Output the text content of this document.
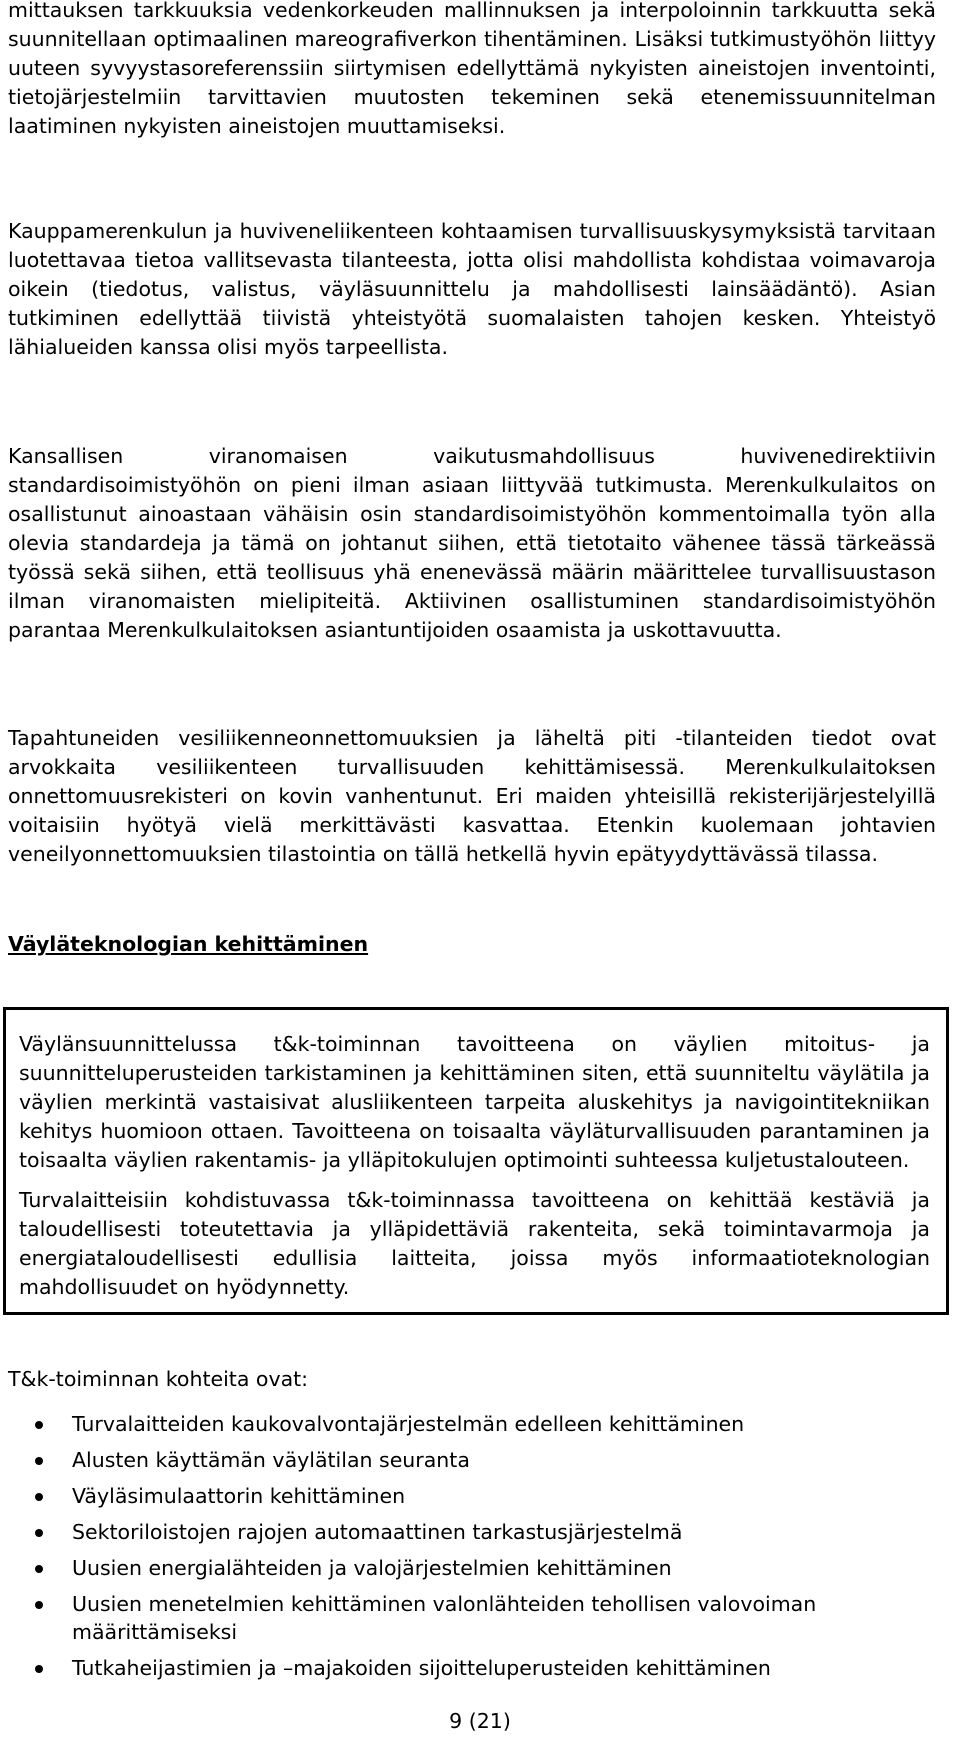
mittauksen tarkkuuksia vedenkorkeuden mallinnuksen ja interpoloinnin tarkkuutta sekä suunnitellaan optimaalinen mareografiverkon tihentäminen. Lisäksi tutkimustyöhön liittyy uuteen syvyystasoreferenssiin siirtymisen edellyttämä nykyisten aineistojen inventointi, tietojärjestelmiin tarvittavien muutosten tekeminen sekä etenemissuunnitelman laatiminen nykyisten aineistojen muuttamiseksi.

Kauppamerenkulun ja huviveneliikenteen kohtaamisen turvallisuuskysymyksistä tarvitaan luotettavaa tietoa vallitsevasta tilanteesta, jotta olisi mahdollista kohdistaa voimavaroja oikein (tiedotus, valistus, väyläsuunnittelu ja mahdollisesti lainsäädäntö). Asian tutkiminen edellyttää tiivistä yhteistyötä suomalaisten tahojen kesken. Yhteistyö lähialueiden kanssa olisi myös tarpeellista.

Kansallisen viranomaisen vaikutusmahdollisuus huvivenedirektiivin standardisoimistyöhön on pieni ilman asiaan liittyvää tutkimusta. Merenkulkulaitos on osallistunut ainoastaan vähäisin osin standardisoimistyöhön kommentoimalla työn alla olevia standardeja ja tämä on johtanut siihen, että tietotaito vähenee tässä tärkeässä työssä sekä siihen, että teollisuus yhä enenevässä määrin määrittelee turvallisuustason ilman viranomaisten mielipiteitä. Aktiivinen osallistuminen standardisoimistyöhön parantaa Merenkulkulaitoksen asiantuntijoiden osaamista ja uskottavuutta.

Tapahtuneiden vesiliikenneonnettomuuksien ja läheltä piti -tilanteiden tiedot ovat arvokkaita vesiliikenteen turvallisuuden kehittämisessä. Merenkulkulaitoksen onnettomuusrekisteri on kovin vanhentunut. Eri maiden yhteisillä rekisterijärjestelyillä voitaisiin hyötyä vielä merkittävästi kasvattaa. Etenkin kuolemaan johtavien veneilyonnettomuuksien tilastointia on tällä hetkellä hyvin epätyydyttävässä tilassa.

Väyläteknologian kehittäminen

Väylänsuunnittelussa t&k-toiminnan tavoitteena on väylien mitoitus- ja suunnitteluperusteiden tarkistaminen ja kehittäminen siten, että suunniteltu väylätila ja väylien merkintä vastaisivat alusliikenteen tarpeita aluskehitys ja navigointitekniikan kehitys huomioon ottaen. Tavoitteena on toisaalta väyläturvallisuuden parantaminen ja toisaalta väylien rakentamis- ja ylläpitokulujen optimointi suhteessa kuljetustalouteen.

Turvalaitteisiin kohdistuvassa t&k-toiminnassa tavoitteena on kehittää kestäviä ja taloudellisesti toteutettavia ja ylläpidettäviä rakenteita, sekä toimintavarmoja ja energiataloudellisesti edullisia laitteita, joissa myös informaatioteknologian mahdollisuudet on hyödynnetty.

T&k-toiminnan kohteita ovat:

Turvalaitteiden kaukovalvontajärjestelmän edelleen kehittäminen
Alusten käyttämän väylätilan seuranta
Väyläsimulaattorin kehittäminen
Sektoriloistojen rajojen automaattinen tarkastusjärjestelmä
Uusien energialähteiden ja valojärjestelmien kehittäminen
Uusien menetelmien kehittäminen valonlähteiden tehollisen valovoiman määrittämiseksi
Tutkaheijastimien ja –majakoiden sijoitteluperusteiden kehittäminen

9 (21)
